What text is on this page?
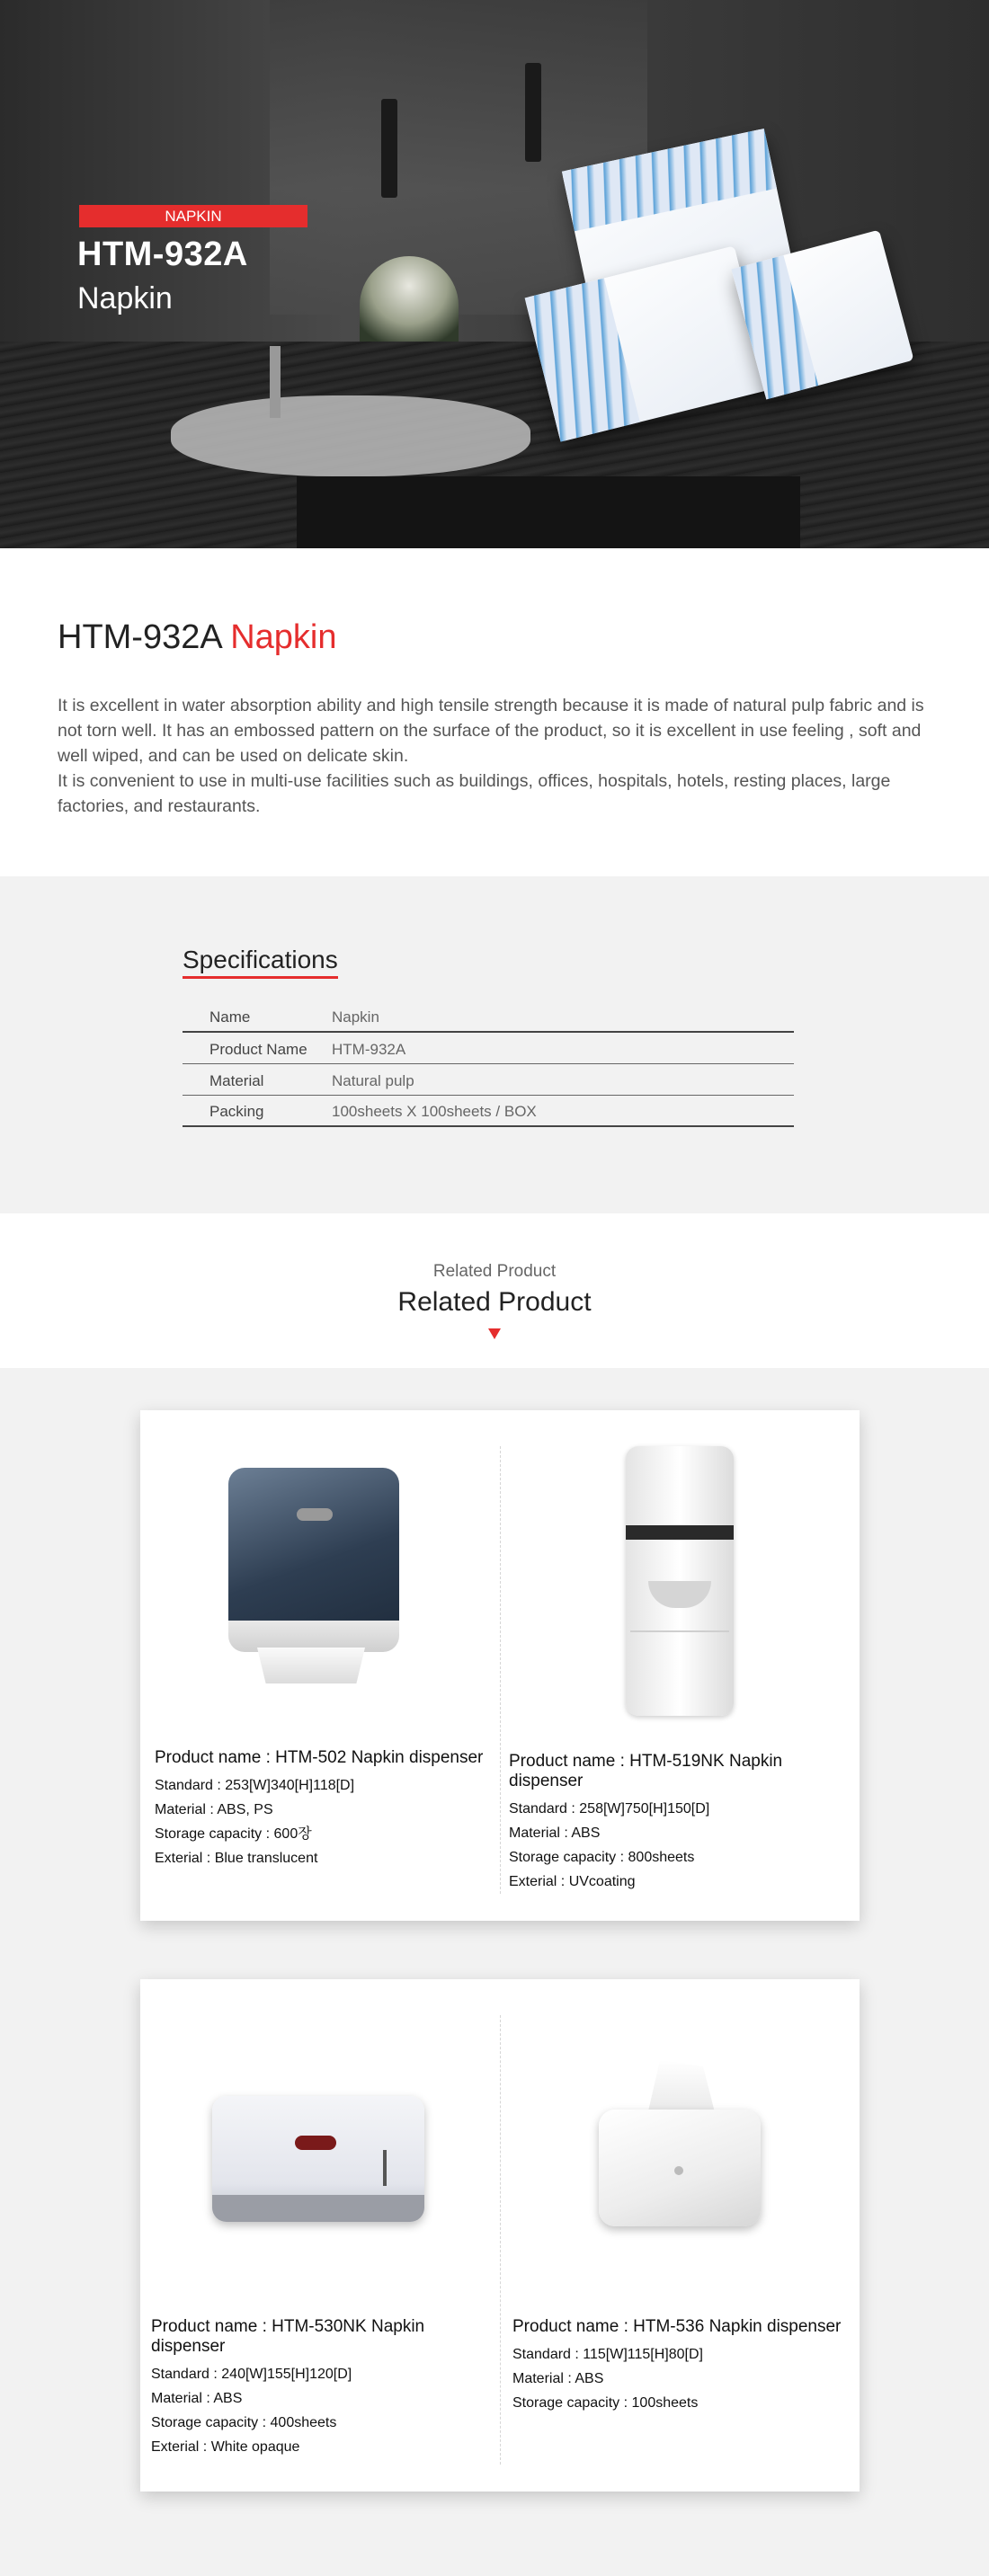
NAPKIN
HTM-932A
Napkin
HTM-932A Napkin

It is excellent in water absorption ability and high tensile strength because it is made of natural pulp fabric and is not torn well. It has an embossed pattern on the surface of the product, so it is excellent in use feeling , soft and well wiped, and can be used on delicate skin.

It is convenient to use in multi-use facilities such as buildings, offices, hospitals, hotels, resting places, large factories, and restaurants.

Specifications
Name	Napkin
Product Name	HTM-932A
Material	Natural pulp
Packing	100sheets X 100sheets / BOX
Related Product
Related Product
Product name : HTM-502 Napkin dispenser
Standard : 253[W]340[H]118[D]
Material : ABS, PS
Storage capacity : 600장
Exterial : Blue translucent
Product name : HTM-519NK Napkin dispenser
Standard : 258[W]750[H]150[D]
Material : ABS
Storage capacity : 800sheets
Exterial : UVcoating
Product name : HTM-530NK Napkin dispenser
Standard : 240[W]155[H]120[D]
Material : ABS
Storage capacity : 400sheets
Exterial : White opaque
Product name : HTM-536 Napkin dispenser
Standard : 115[W]115[H]80[D]
Material : ABS
Storage capacity : 100sheets
